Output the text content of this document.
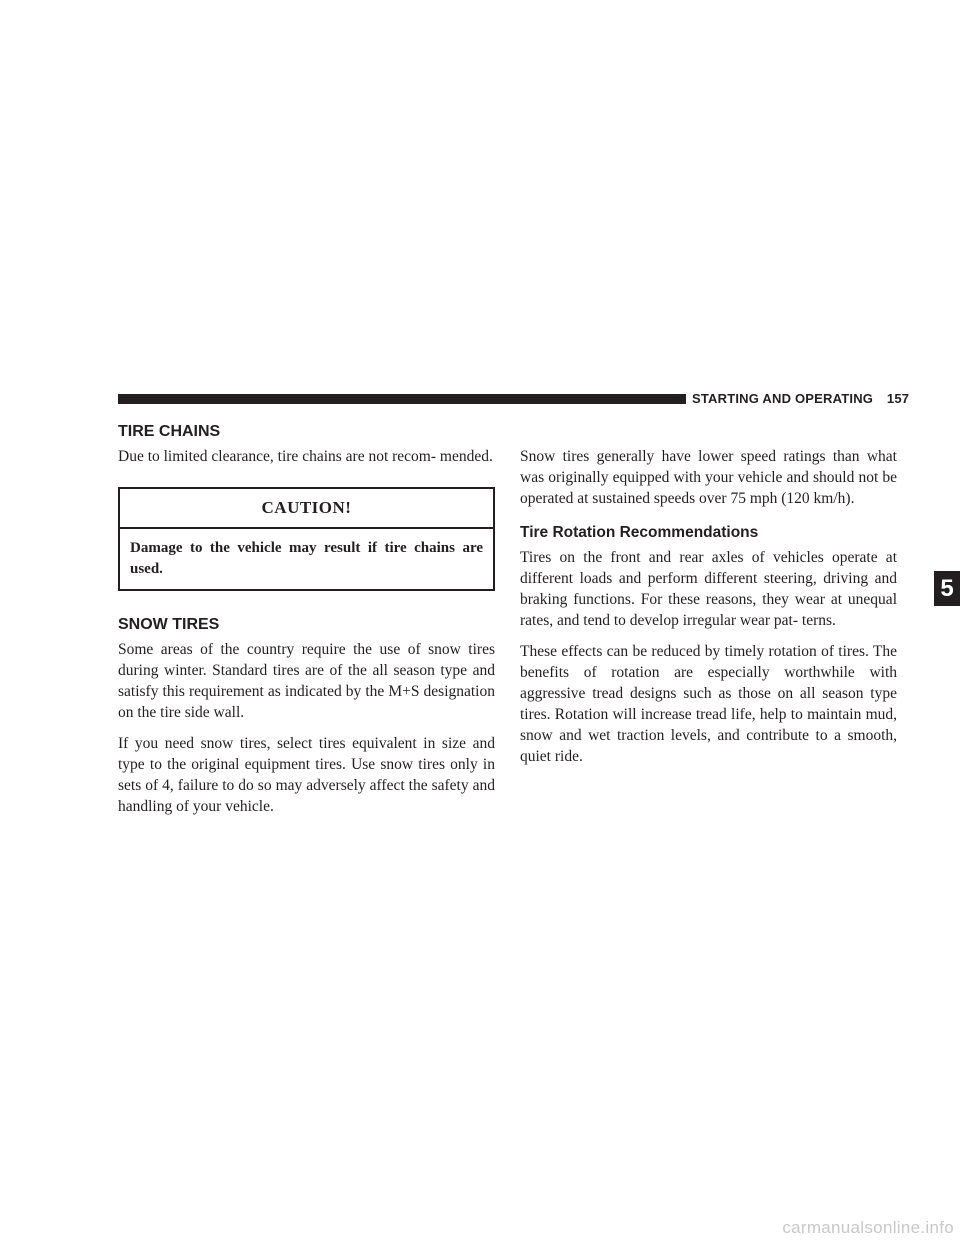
STARTING AND OPERATING 157
5
TIRE CHAINS

Due to limited clearance, tire chains are not recom- mended.

CAUTION!
Damage to the vehicle may result if tire chains are used.
SNOW TIRES

Some areas of the country require the use of snow tires during winter. Standard tires are of the all season type and satisfy this requirement as indicated by the M+S designation on the tire side wall.

If you need snow tires, select tires equivalent in size and type to the original equipment tires. Use snow tires only in sets of 4, failure to do so may adversely affect the safety and handling of your vehicle.

Snow tires generally have lower speed ratings than what was originally equipped with your vehicle and should not be operated at sustained speeds over 75 mph (120 km/h).

Tire Rotation Recommendations

Tires on the front and rear axles of vehicles operate at different loads and perform different steering, driving and braking functions. For these reasons, they wear at unequal rates, and tend to develop irregular wear pat- terns.

These effects can be reduced by timely rotation of tires. The benefits of rotation are especially worthwhile with aggressive tread designs such as those on all season type tires. Rotation will increase tread life, help to maintain mud, snow and wet traction levels, and contribute to a smooth, quiet ride.

carmanualsonline.info
